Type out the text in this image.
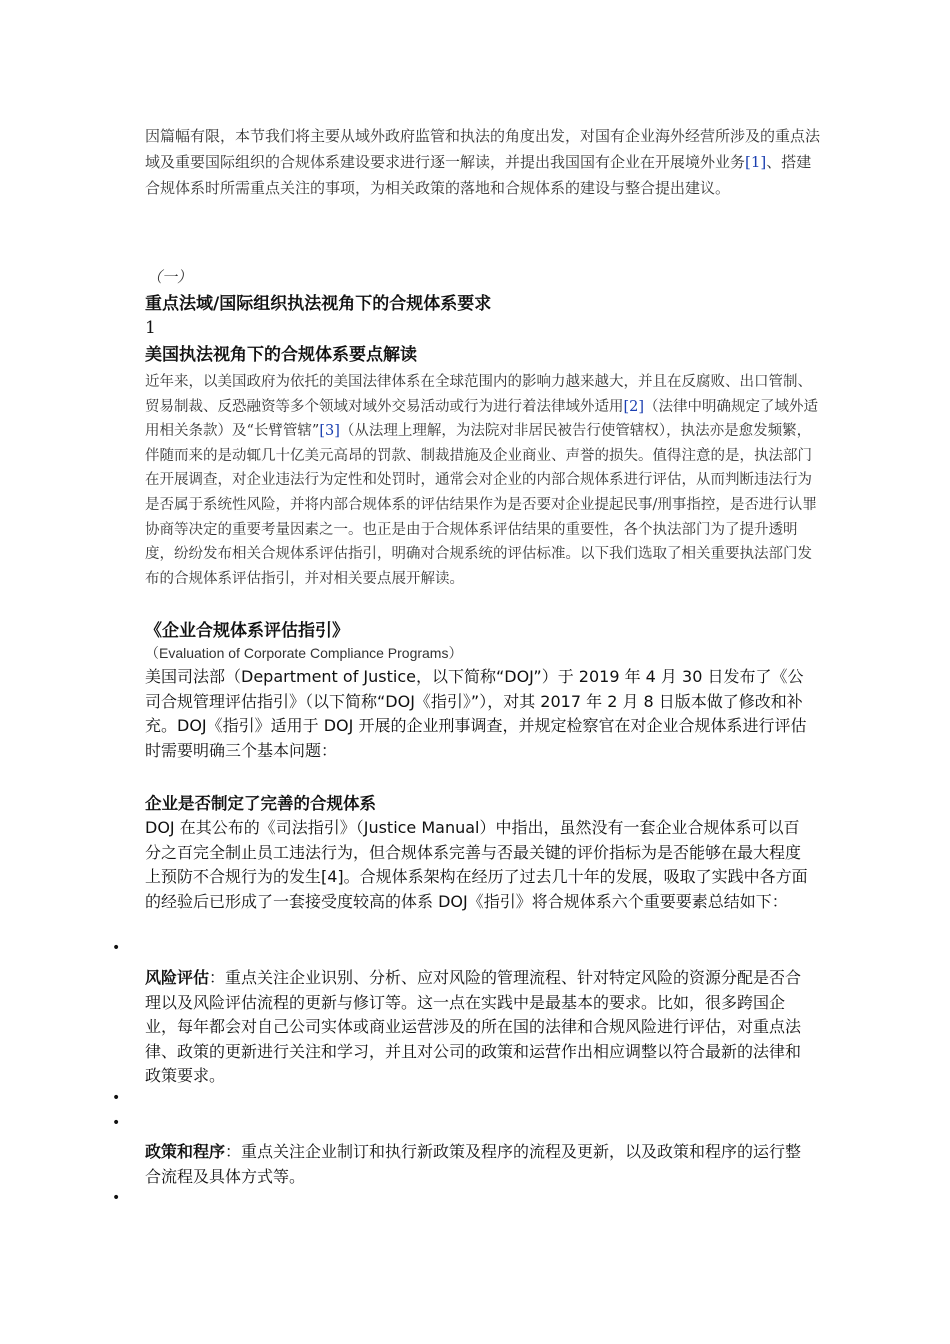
因篇幅有限，本节我们将主要从域外政府监管和执法的角度出发，对国有企业海外经营所涉及的重点法域及重要国际组织的合规体系建设要求进行逐一解读，并提出我国国有企业在开展境外业务[1]、搭建合规体系时所需重点关注的事项，为相关政策的落地和合规体系的建设与整合提出建议。
（一）
重点法域/国际组织执法视角下的合规体系要求
1
美国执法视角下的合规体系要点解读
近年来，以美国政府为依托的美国法律体系在全球范围内的影响力越来越大，并且在反腐败、出口管制、贸易制裁、反恐融资等多个领域对域外交易活动或行为进行着法律域外适用[2]（法律中明确规定了域外适用相关条款）及“长臂管辖”[3]（从法理上理解，为法院对非居民被告行使管辖权），执法亦是愈发频繁，伴随而来的是动辄几十亿美元高昂的罚款、制裁措施及企业商业、声誉的损失。值得注意的是，执法部门在开展调查，对企业违法行为定性和处罚时，通常会对企业的内部合规体系进行评估，从而判断违法行为是否属于系统性风险，并将内部合规体系的评估结果作为是否要对企业提起民事/刑事指控，是否进行认罪协商等决定的重要考量因素之一。也正是由于合规体系评估结果的重要性，各个执法部门为了提升透明度，纷纷发布相关合规体系评估指引，明确对合规系统的评估标准。以下我们选取了相关重要执法部门发布的合规体系评估指引，并对相关要点展开解读。
《企业合规体系评估指引》
（Evaluation of Corporate Compliance Programs）
美国司法部（Department of Justice，以下简称“DOJ”）于 2019 年 4 月 30 日发布了《公司合规管理评估指引》（以下简称“DOJ《指引》”），对其 2017 年 2 月 8 日版本做了修改和补充。DOJ《指引》适用于 DOJ 开展的企业刑事调查，并规定检察官在对企业合规体系进行评估时需要明确三个基本问题：
企业是否制定了完善的合规体系
DOJ 在其公布的《司法指引》（Justice Manual）中指出，虽然没有一套企业合规体系可以百分之百完全制止员工违法行为，但合规体系完善与否最关键的评价指标为是否能够在最大程度上预防不合规行为的发生[4]。合规体系架构在经历了过去几十年的发展，吸取了实践中各方面的经验后已形成了一套接受度较高的体系 DOJ《指引》将合规体系六个重要要素总结如下：
风险评估：重点关注企业识别、分析、应对风险的管理流程、针对特定风险的资源分配是否合理以及风险评估流程的更新与修订等。这一点在实践中是最基本的要求。比如，很多跨国企业，每年都会对自己公司实体或商业运营涉及的所在国的法律和合规风险进行评估，对重点法律、政策的更新进行关注和学习，并且对公司的政策和运营作出相应调整以符合最新的法律和政策要求。
政策和程序：重点关注企业制订和执行新政策及程序的流程及更新，以及政策和程序的运行整合流程及具体方式等。
•
•
•
•
